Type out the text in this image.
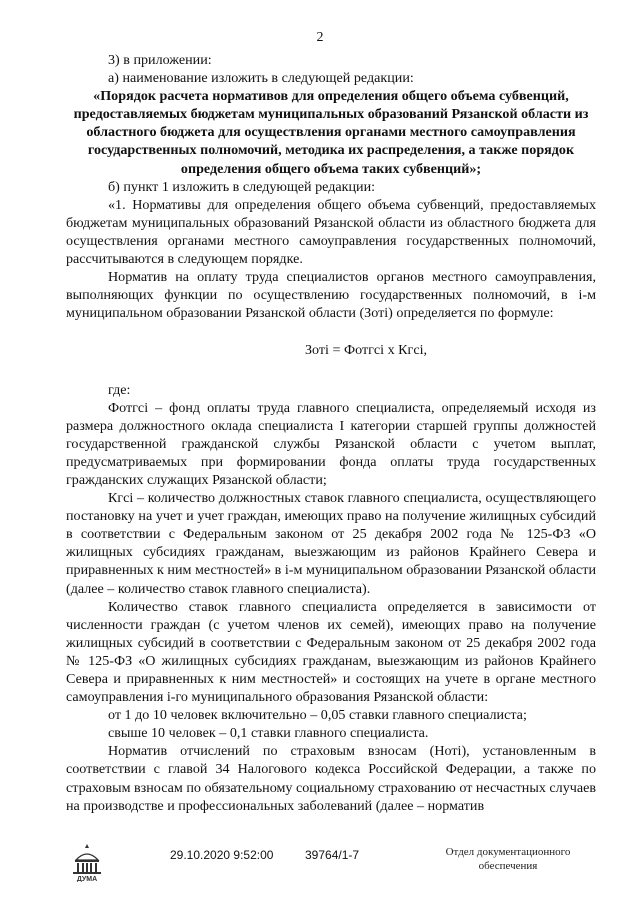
2

3) в приложении:

а) наименование изложить в следующей редакции:

«Порядок расчета нормативов для определения общего объема субвенций, предоставляемых бюджетам муниципальных образований Рязанской области из областного бюджета для осуществления органами местного самоуправления государственных полномочий, методика их распределения, а также порядок определения общего объема таких субвенций»;

б) пункт 1 изложить в следующей редакции:

«1. Нормативы для определения общего объема субвенций, предоставляемых бюджетам муниципальных образований Рязанской области из областного бюджета для осуществления органами местного самоуправления государственных полномочий, рассчитываются в следующем порядке.

Норматив на оплату труда специалистов органов местного самоуправления, выполняющих функции по осуществлению государственных полномочий, в i-м муниципальном образовании Рязанской области (Зотi) определяется по формуле:

Зотi = Фотгсi х Кгсi,

где:

Фотгсi – фонд оплаты труда главного специалиста, определяемый исходя из размера должностного оклада специалиста I категории старшей группы должностей государственной гражданской службы Рязанской области с учетом выплат, предусматриваемых при формировании фонда оплаты труда государственных гражданских служащих Рязанской области;

Кгсi – количество должностных ставок главного специалиста, осуществляющего постановку на учет и учет граждан, имеющих право на получение жилищных субсидий в соответствии с Федеральным законом от 25 декабря 2002 года № 125-ФЗ «О жилищных субсидиях гражданам, выезжающим из районов Крайнего Севера и приравненных к ним местностей» в i-м муниципальном образовании Рязанской области (далее – количество ставок главного специалиста).

Количество ставок главного специалиста определяется в зависимости от численности граждан (с учетом членов их семей), имеющих право на получение жилищных субсидий в соответствии с Федеральным законом от 25 декабря 2002 года № 125-ФЗ «О жилищных субсидиях гражданам, выезжающим из районов Крайнего Севера и приравненных к ним местностей» и состоящих на учете в органе местного самоуправления i-го муниципального образования Рязанской области:

от 1 до 10 человек включительно – 0,05 ставки главного специалиста;

свыше 10 человек – 0,1 ставки главного специалиста.

Норматив отчислений по страховым взносам (Нотi), установленным в соответствии с главой 34 Налогового кодекса Российской Федерации, а также по страховым взносам по обязательному социальному страхованию от несчастных случаев на производстве и профессиональных заболеваний (далее – норматив

ДУМА
29.10.2020 9:52:00	39764/1-7	Отдел документационного
обеспечения
